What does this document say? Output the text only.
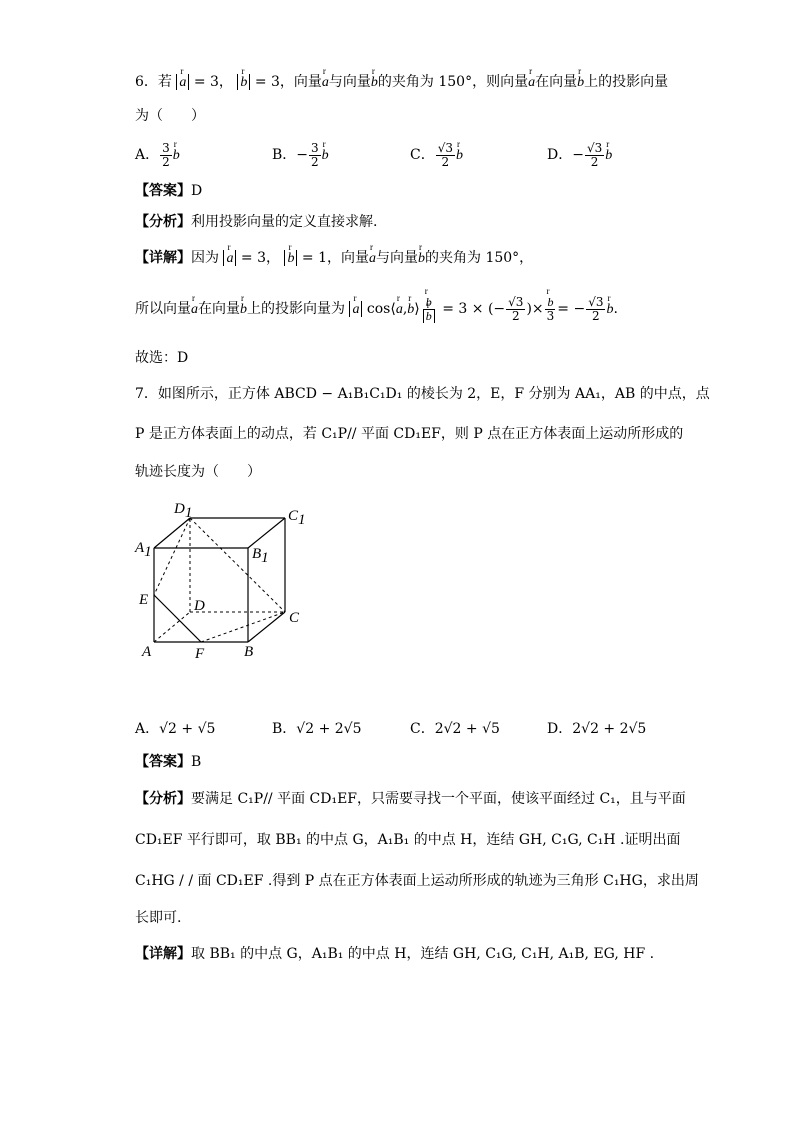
6．若 r a = 3， r b = 3，向量r a与向量r b的夹角为 150°，则向量r a在向量r b上的投影向量
为（　　）
A． $\frac{3}{2}$ r b	B．− $\frac{3}{2}$ r b	C． $\frac{√3}{2}$ r b	D．− $\frac{√3}{2}$ r b
【答案】D
【分析】利用投影向量的定义直接求解.
【详解】因为 r a = 3， r b = 1，向量r a与向量r b的夹角为 150°，
所以向量r a在向量r b上的投影向量为 r a cos⟨r a,r b⟩ r b
r b = 3 × (− $\frac{√3}{2}$ )× r $\frac{b}{3}$ = − $\frac{√3}{2}$ r b.
故选：D
7．如图所示，正方体 ABCD − A₁B₁C₁D₁ 的棱长为 2，E，F 分别为 AA₁，AB 的中点，点
P 是正方体表面上的动点，若 C₁P// 平面 CD₁EF，则 P 点在正方体表面上运动所形成的
轨迹长度为（　　）
D1	C1
A1	B1
E	D
C
A	F	B
A．√2 + √5	B．√2 + 2√5	C．2√2 + √5	D．2√2 + 2√5
【答案】B
【分析】要满足 C₁P// 平面 CD₁EF，只需要寻找一个平面，使该平面经过 C₁，且与平面
CD₁EF 平行即可，取 BB₁ 的中点 G，A₁B₁ 的中点 H，连结 GH, C₁G, C₁H .证明出面
C₁HG / / 面 CD₁EF .得到 P 点在正方体表面上运动所形成的轨迹为三角形 C₁HG，求出周
长即可.
【详解】取 BB₁ 的中点 G，A₁B₁ 的中点 H，连结 GH, C₁G, C₁H, A₁B, EG, HF .
